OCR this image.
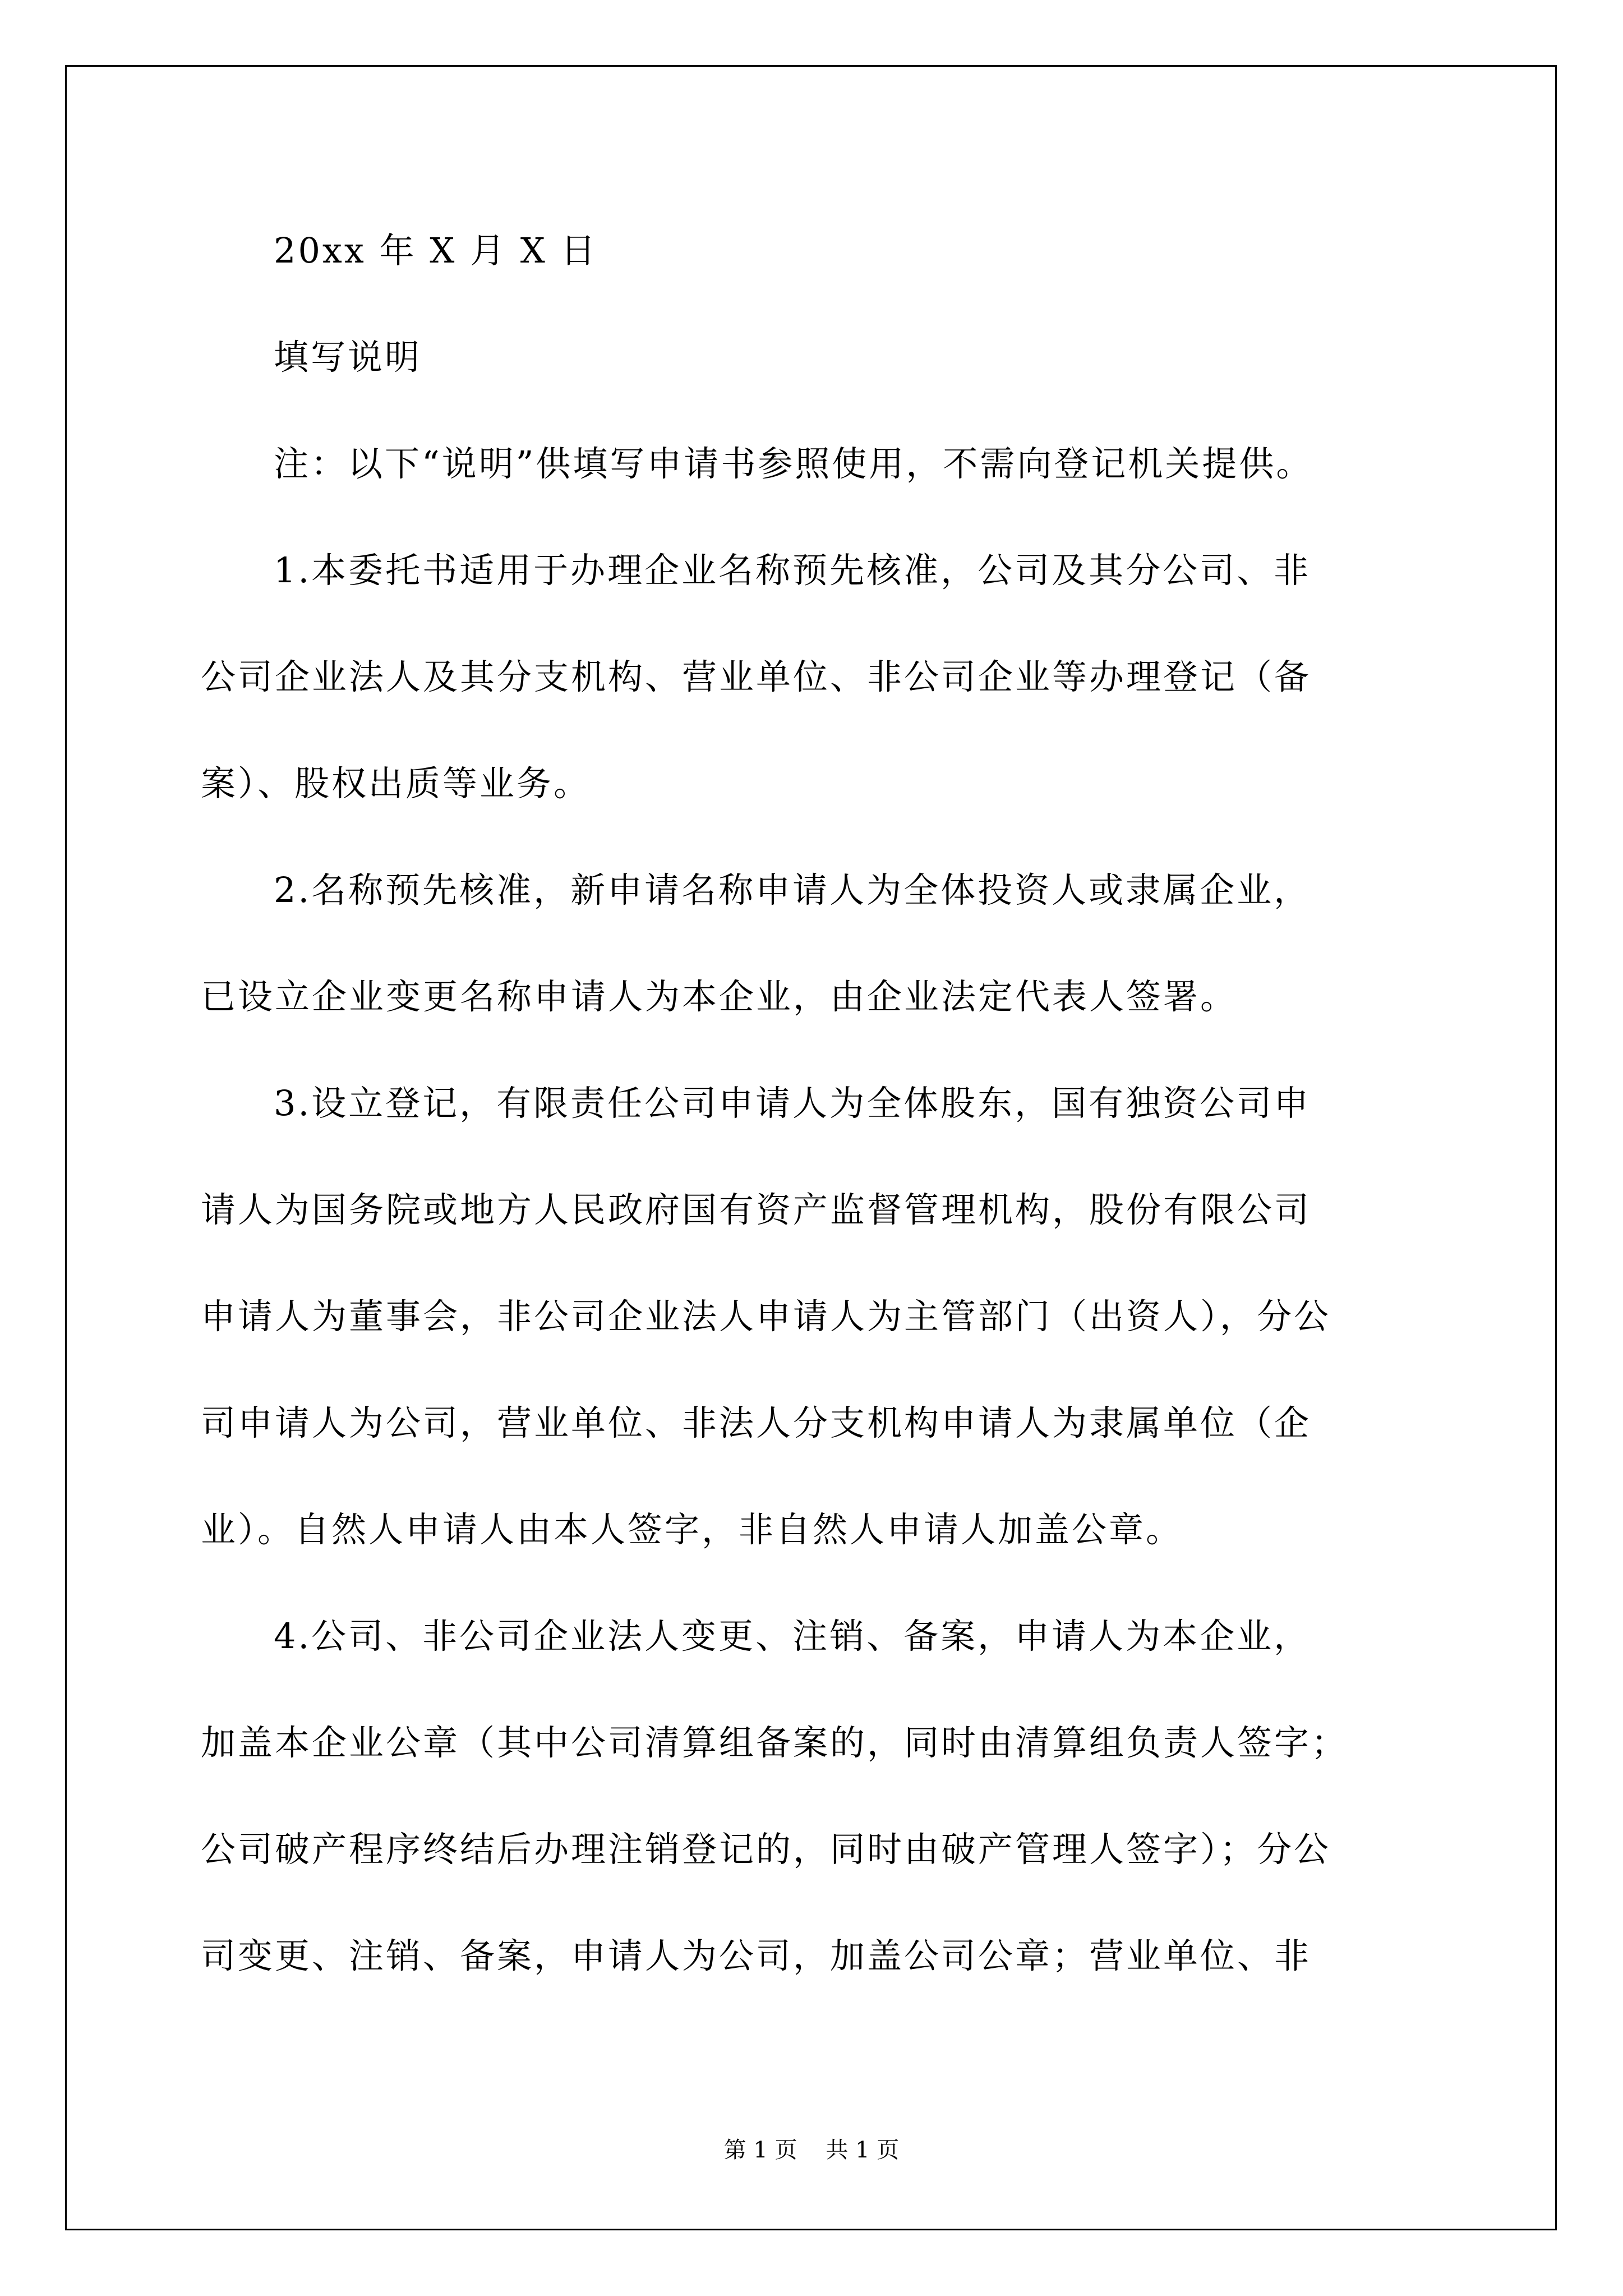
20xx 年 X 月 X 日
填写说明
注：以下“说明”供填写申请书参照使用，不需向登记机关提供。
1.本委托书适用于办理企业名称预先核准，公司及其分公司、非
公司企业法人及其分支机构、营业单位、非公司企业等办理登记（备
案）、股权出质等业务。
2.名称预先核准，新申请名称申请人为全体投资人或隶属企业，
已设立企业变更名称申请人为本企业，由企业法定代表人签署。
3.设立登记，有限责任公司申请人为全体股东，国有独资公司申
请人为国务院或地方人民政府国有资产监督管理机构，股份有限公司
申请人为董事会，非公司企业法人申请人为主管部门（出资人），分公
司申请人为公司，营业单位、非法人分支机构申请人为隶属单位（企
业）。自然人申请人由本人签字，非自然人申请人加盖公章。
4.公司、非公司企业法人变更、注销、备案，申请人为本企业，
加盖本企业公章（其中公司清算组备案的，同时由清算组负责人签字；
公司破产程序终结后办理注销登记的，同时由破产管理人签字）；分公
司变更、注销、备案，申请人为公司，加盖公司公章；营业单位、非
第 1 页    共 1 页
